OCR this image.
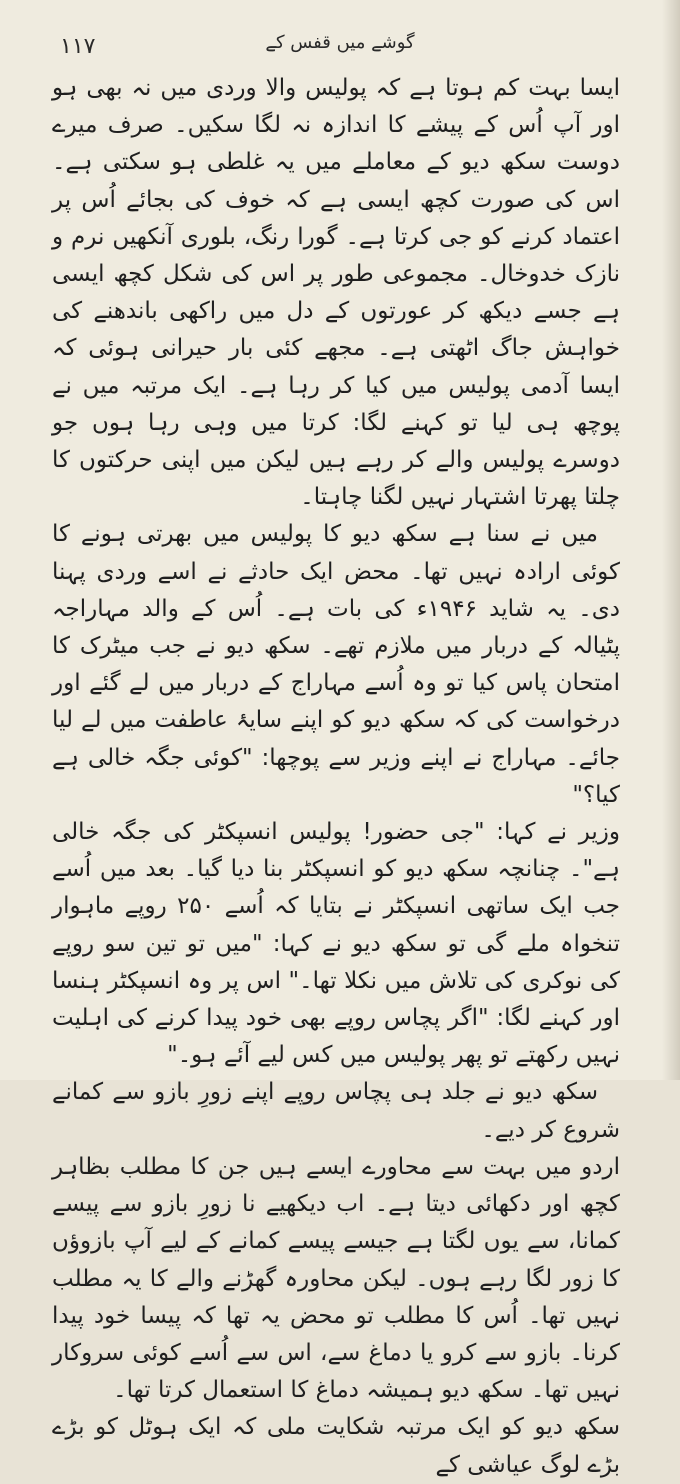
۱۱۷	گوشے میں قفس کے

ایسا بہت کم ہوتا ہے کہ پولیس والا وردی میں نہ بھی ہو اور آپ اُس کے پیشے کا اندازہ نہ لگا سکیں۔ صرف میرے دوست سکھ دیو کے معاملے میں یہ غلطی ہو سکتی ہے۔ اس کی صورت کچھ ایسی ہے کہ خوف کی بجائے اُس پر اعتماد کرنے کو جی کرتا ہے۔ گورا رنگ، بلوری آنکھیں نرم و نازک خدوخال۔ مجموعی طور پر اس کی شکل کچھ ایسی ہے جسے دیکھ کر عورتوں کے دل میں راکھی باندھنے کی خواہش جاگ اٹھتی ہے۔ مجھے کئی بار حیرانی ہوئی کہ ایسا آدمی پولیس میں کیا کر رہا ہے۔ ایک مرتبہ میں نے پوچھ ہی لیا تو کہنے لگا: کرتا میں وہی رہا ہوں جو دوسرے پولیس والے کر رہے ہیں لیکن میں اپنی حرکتوں کا چلتا پھرتا اشتہار نہیں لگنا چاہتا۔

میں نے سنا ہے سکھ دیو کا پولیس میں بھرتی ہونے کا کوئی ارادہ نہیں تھا۔ محض ایک حادثے نے اسے وردی پہنا دی۔ یہ شاید ۱۹۴۶ء کی بات ہے۔ اُس کے والد مہاراجہ پٹیالہ کے دربار میں ملازم تھے۔ سکھ دیو نے جب میٹرک کا امتحان پاس کیا تو وہ اُسے مہاراج کے دربار میں لے گئے اور درخواست کی کہ سکھ دیو کو اپنے سایۂ عاطفت میں لے لیا جائے۔ مہاراج نے اپنے وزیر سے پوچھا: "کوئی جگہ خالی ہے کیا؟"

وزیر نے کہا: "جی حضور! پولیس انسپکٹر کی جگہ خالی ہے"۔ چنانچہ سکھ دیو کو انسپکٹر بنا دیا گیا۔ بعد میں اُسے جب ایک ساتھی انسپکٹر نے بتایا کہ اُسے ۲۵۰ روپے ماہوار تنخواہ ملے گی تو سکھ دیو نے کہا: "میں تو تین سو روپے کی نوکری کی تلاش میں نکلا تھا۔" اس پر وہ انسپکٹر ہنسا اور کہنے لگا: "اگر پچاس روپے بھی خود پیدا کرنے کی اہلیت نہیں رکھتے تو پھر پولیس میں کس لیے آئے ہو۔"

سکھ دیو نے جلد ہی پچاس روپے اپنے زورِ بازو سے کمانے شروع کر دیے۔

اردو میں بہت سے محاورے ایسے ہیں جن کا مطلب بظاہر کچھ اور دکھائی دیتا ہے۔ اب دیکھیے نا زورِ بازو سے پیسے کمانا، سے یوں لگتا ہے جیسے پیسے کمانے کے لیے آپ بازوؤں کا زور لگا رہے ہوں۔ لیکن محاورہ گھڑنے والے کا یہ مطلب نہیں تھا۔ اُس کا مطلب تو محض یہ تھا کہ پیسا خود پیدا کرنا۔ بازو سے کرو یا دماغ سے، اس سے اُسے کوئی سروکار نہیں تھا۔ سکھ دیو ہمیشہ دماغ کا استعمال کرتا تھا۔

سکھ دیو کو ایک مرتبہ شکایت ملی کہ ایک ہوٹل کو بڑے بڑے لوگ عیاشی کے
